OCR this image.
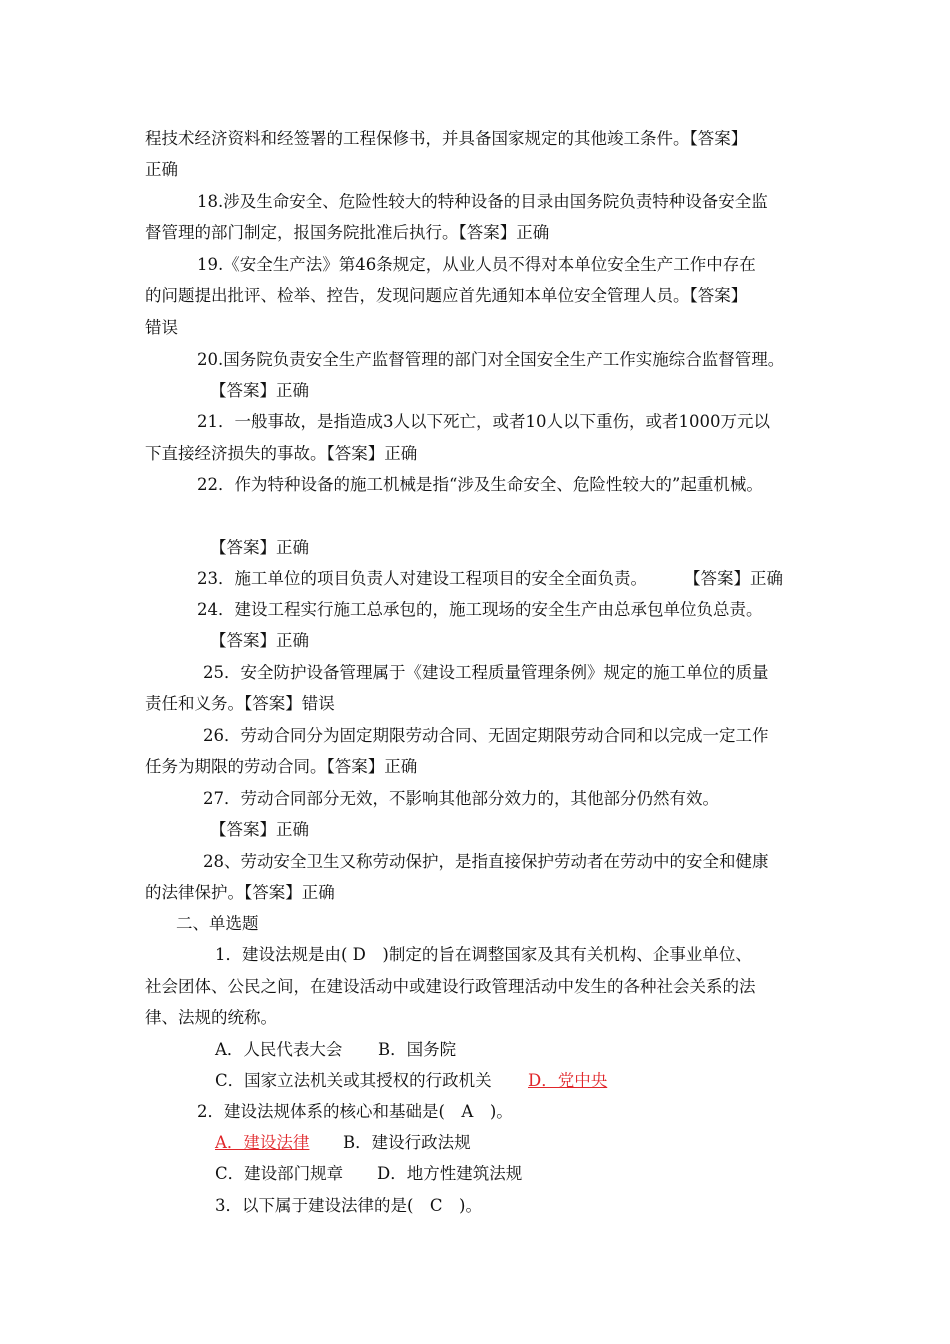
程技术经济资料和经签署的工程保修书，并具备国家规定的其他竣工条件。【答案】
正确
18.涉及生命安全、危险性较大的特种设备的目录由国务院负责特种设备安全监
督管理的部门制定，报国务院批准后执行。【答案】正确
19.《安全生产法》第46条规定，从业人员不得对本单位安全生产工作中存在
的问题提出批评、检举、控告，发现问题应首先通知本单位安全管理人员。【答案】
错误
20.国务院负责安全生产监督管理的部门对全国安全生产工作实施综合监督管理。
【答案】正确
21．一般事故，是指造成3人以下死亡，或者10人以下重伤，或者1000万元以
下直接经济损失的事故。【答案】正确
22．作为特种设备的施工机械是指“涉及生命安全、危险性较大的”起重机械。
【答案】正确
23．施工单位的项目负责人对建设工程项目的安全全面负责。 【答案】正确
24．建设工程实行施工总承包的，施工现场的安全生产由总承包单位负总责。
【答案】正确
25．安全防护设备管理属于《建设工程质量管理条例》规定的施工单位的质量
责任和义务。【答案】错误
26．劳动合同分为固定期限劳动合同、无固定期限劳动合同和以完成一定工作
任务为期限的劳动合同。【答案】正确
27．劳动合同部分无效，不影响其他部分效力的，其他部分仍然有效。
【答案】正确
28、劳动安全卫生又称劳动保护，是指直接保护劳动者在劳动中的安全和健康
的法律保护。【答案】正确
二、单选题
1．建设法规是由( D　)制定的旨在调整国家及其有关机构、企事业单位、
社会团体、公民之间，在建设活动中或建设行政管理活动中发生的各种社会关系的法
律、法规的统称。
A．人民代表大会 B．国务院
C．国家立法机关或其授权的行政机关 D．党中央
2．建设法规体系的核心和基础是(　A　)。
A．建设法律	B．建设行政法规
C．建设部门规章 D．地方性建筑法规
3．以下属于建设法律的是(　C　)。
